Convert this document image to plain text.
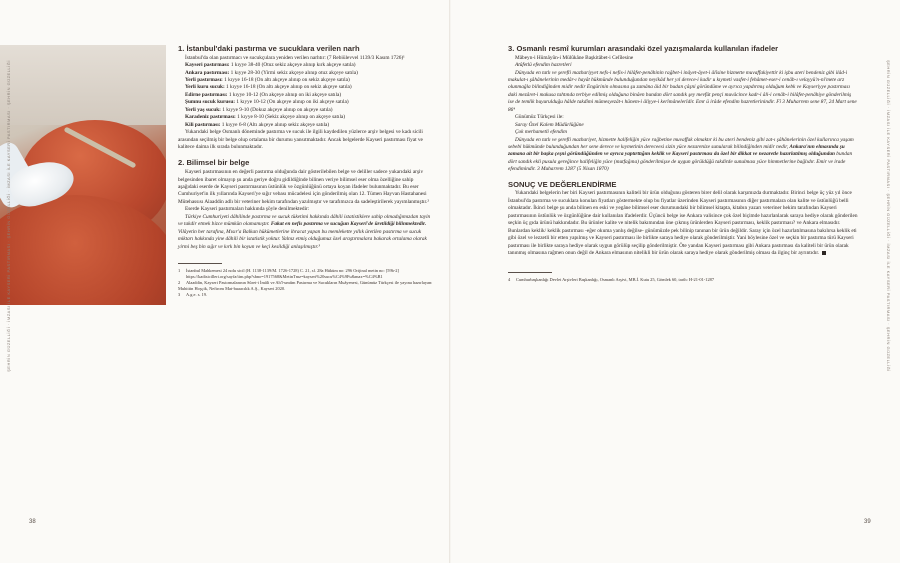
ŞEHRİN GÜZELLİĞİ · İMZASI İLE KAYSERİ PASTIRMASI · ŞEHRİN GÜZELLİĞİ · İMZASI İLE KAYSERİ PASTIRMASI · ŞEHRİN GÜZELLİĞİ	ŞEHRİN GÜZELLİĞİ · İMZASI İLE KAYSERİ PASTIRMASI · ŞEHRİN GÜZELLİĞİ · İMZASI İLE KAYSERİ PASTIRMASI · ŞEHRİN GÜZELLİĞİ
38	39
1. İstanbul'daki pastırma ve sucuklara verilen narh

İstanbul'da olan pastırmacı ve sucukçulara yeniden verilen narhtır: (7 Rebiülevvel 1139/3 Kasım 1726)¹

Kayseri pastırması: 1 kıyye 38-40 (Otuz sekiz akçeye alınıp kırk akçeye satıla)

Ankara pastırması: 1 kıyye 28-30 (Yirmi sekiz akçeye alınıp otuz akçeye satıla)

Yerli pastırması: 1 kıyye 16-18 (On altı akçeye alınıp on sekiz akçeye satıla)

Yerli kuru sucuk: 1 kıyye 16-18 (On altı akçeye alınıp on sekiz akçeye satıla)

Edirne pastırması: 1 kıyye 10-12 (On akçeye alınıp on iki akçeye satıla)

Şumnu sucuk kurusu: 1 kıyye 10-12 (On akçeye alınıp on iki akçeye satıla)

Yerli yaş sucuk: 1 kıyye 9-10 (Dokuz akçeye alınıp on akçeye satıla)

Karadeniz pastırması: 1 kıyye 8-10 (Sekiz akçeye alınıp on akçeye satıla)

Kili pastırması: 1 kıyye 6-8 (Altı akçeye alınıp sekiz akçeye satıla)

Yukarıdaki belge Osmanlı döneminde pastırma ve sucuk ile ilgili kaydedilen yüzlerce arşiv belgesi ve kadı sicili arasından seçilmiş bir belge olup ortalama bir durumu yansıtmaktadır. Ancak belgelerde Kayseri pastırması fiyat ve kalitece daima ilk sırada bulunmaktadır.

2. Bilimsel bir belge

Kayseri pastırmasının en değerli pastırma olduğunda dair gösterilebilen belge ve deliller sadece yukarıdaki arşiv belgesinden ibaret olmayıp şu anda geriye doğru gidildiğinde bilinen veriye bilimsel eser olma özelliğine sahip aşağıdaki eserde de Kayseri pastırmasının üstünlük ve özgünlüğünü ortaya koyan ifadeler bulunmaktadır. Bu eser Cumhuriyet'in ilk yıllarında Kayseri'ye sığır vebası mücadelesi için gönderilmiş olan 12. Tümen Hayvan Hastahanesi Mütehassısı Alaaddin adlı bir veteriner hekim tarafından yazılmıştır ve tarafımızca da sadeleştirilerek yayımlanmıştır.²

Eserde Kayseri pastırmaları hakkında şöyle denilmektedir:

Türkiye Cumhuriyeti dâhilinde pastırma ve sucuk tüketimi hakkında dâhili istatistiklere sahip olmadığımızdan tayin ve takdir etmek bizce mümkün olamamıştır. Fakat en nefis pastırma ve sucuğun Kayseri'de üretildiği bilinmektedir. Vilâyetin her tarafına, Mısır'a Balkan hükümetlerine ihracat yapan bu memlekette yıllık üretilen pastırma ve sucuk miktarı hakkında yine dâhili bir istatistik yoktur. Yalnız etmiş olduğumuz özel araştırmalara bakarak ortalama olarak yirmi beş bin sığır ve kırk bin koyun ve keçi kesildiği anlaşılmıştır.³

1 İstanbul Mahkemesi 24 nolu sicil (H. 1138-1139/M. 1726-1728) C. 21, sf. 28a Hüküm no: 296 Orijinal metin no: [59b-2]
https://kadisicilleri.org/sayfa/tim.php?sbno=1917568&MetinTmz=kayseri%20sucu%C4%9Fu&max=%C4%B1
2 Alaaddin, Kayseri Pastırmalarının Sûret-i İmâli ve Ah'l-umûm Pastırma ve Sucukların Muâyenesi, Günümüz Türkçesi ile yayına hazırlayan: Muhittin Hoşçik, Neftrom Mat-buaacılık A.Ş., Kayseri 2020.
3 A.g.e. s. 19.
3. Osmanlı resmî kurumları arasındaki özel yazışmalarda kullanılan ifadeler

Mâbeyn-i Hümâyûn-i Mülûkâne Başkitâbet-i Celîlesine

Atûfetlû efendim hazretleri

Dünyada en tatlı ve şerefli mazhariyyet nefs-i nefis-i hilâfet-penâhinin rağbet-i inâyet-âyet-i âlîsine hizmette muvaffakiyettir ki işbu ateri bendeniz gibi ilâd-i makulat-ı şâhânelerinin medâr-ı hayât hükmünde bulunduğundan neyikâd her yıl derece-i kadir u kıymeti vasfet-i fehâmet-eser-i cenâb-ı velayyü'n-ni'mete arz olunmağla bilindiğinden midir nedir Engürinin olmasına şu zamâna âid bir budan çâşni göründüme ve ayrıca yapdırmış olduğum kebk ve Kayseriyye pastırması daki mezâret-i makusa tahtında terbiye edilmiş olduğuna binâen bundan dört sandık şey mevfût pençi muvâcince kadr-i âli-i cenâb-i hilâfet-penâhiye gönderilmiş ise de temlik buyurulduğu hâlde takdîmi mümesyezât-ı hünem-i âliyye-i kerîmânelerîdir. Emr ü irâde efendim hazretlerinindir. Fî 3 Muharrem sene 87, 24 Mart sene 86⁴

Günümüz Türkçesi ile:

Saray Özel Kalem Müdürlüğüne

Çok merhametli efendim

Dünyada en tatlı ve şerefli mazhariyet, hizmette halifeliğin yüce rağbetine muvaffak olmaktır ki bu ateri bendeniz gibi zat-ı şâhânelerinin özel kullarınca yaşam sebebi hükmünde bulunduğundan her sene derece ve kıymetinin dereceesi sizin yüce nezarenize sunularak bilindiğinden midir nedir, Ankara'nın elmasında şu zamana ait bir başka çeşni göründüğünden ve ayrıca yaptırttığım keklik ve Kayseri pastırması da özel bir dikkat ve nezaretle hazırlatılmış olduğundan bundan dört sandık ekli pusula gereğince halifeliğin yüce (mutfağına) gönderilmişse de uygun görüldüğü takdirde sunulması yüce himmetlerine bağlıdır. Emir ve irade efendimindir. 3 Muharrem 1287 (5 Nisan 1870)

SONUÇ VE DEĞERLENDİRME

Yukarıdaki belgelerin her biri Kayseri pastırmasının kaliteli bir ürün olduğunu gösteren birer delil olarak karşımızda durmaktadır. Birinci belge üç yüz yıl önce İstanbul'da pastırma ve sucuklara konulan fiyatları göstermekte olup bu fiyatlar üzerinden Kayseri pastırmasının diğer pastırmalara olan kalite ve üstünlüğü belli olmaktadır. İkinci belge şu anda bilinen en eski ve yegâne bilimsel eser durumundaki bir bilimsel kitapta, kitabın yazarı veteriner hekim tarafından Kayseri pastırmasının üstünlük ve özgünlüğüne dair kullanılan ifadelerdir. Üçüncü belge ise Ankara valisince çok özel biçimde hazırlanlarak saraya hediye olarak gönderilen seçkin üç gıda ürünü hakkındadır. Bu ürünler kalite ve nitelik bakımından öne çıkmış ürünlerden Kayseri pastırması, keklik pastırması? ve Ankara elmasıdır. Bunlardan keklik/ keklik pastırması -eğer okuma yanlış değilse- günümüzde pek bilinip tanınan bir ürün değildir. Saray için özel hazırlatılmasına bakılırsa keklik eti gibi özel ve lezzetli bir etten yapılmış ve Kayseri pastırması ile birlikte saraya hediye olarak gönderilmiştir. Yani böylesine özel ve seçkin bir pastırma türü Kayseri pastırması ile birlikte saraya hediye olarak uygun görülüp seçilip gönderilmiştir. Öte yandan Kayseri pastırması gibi Ankara pastırması da kaliteli bir ürün olarak tanınmış olmasına rağmen onun değil de Ankara elmasının nitelikli bir ürün olarak saraya hediye olarak gönderilmiş olması da ilginç bir ayrıntıdır.

4 Cumhurbaşkanlığı Devlet Arşivleri Başkanlığı, Osmanlı Arşivi, MB.İ. Kutu 25, Gömlek 60, tarih: H-21-01-1287
